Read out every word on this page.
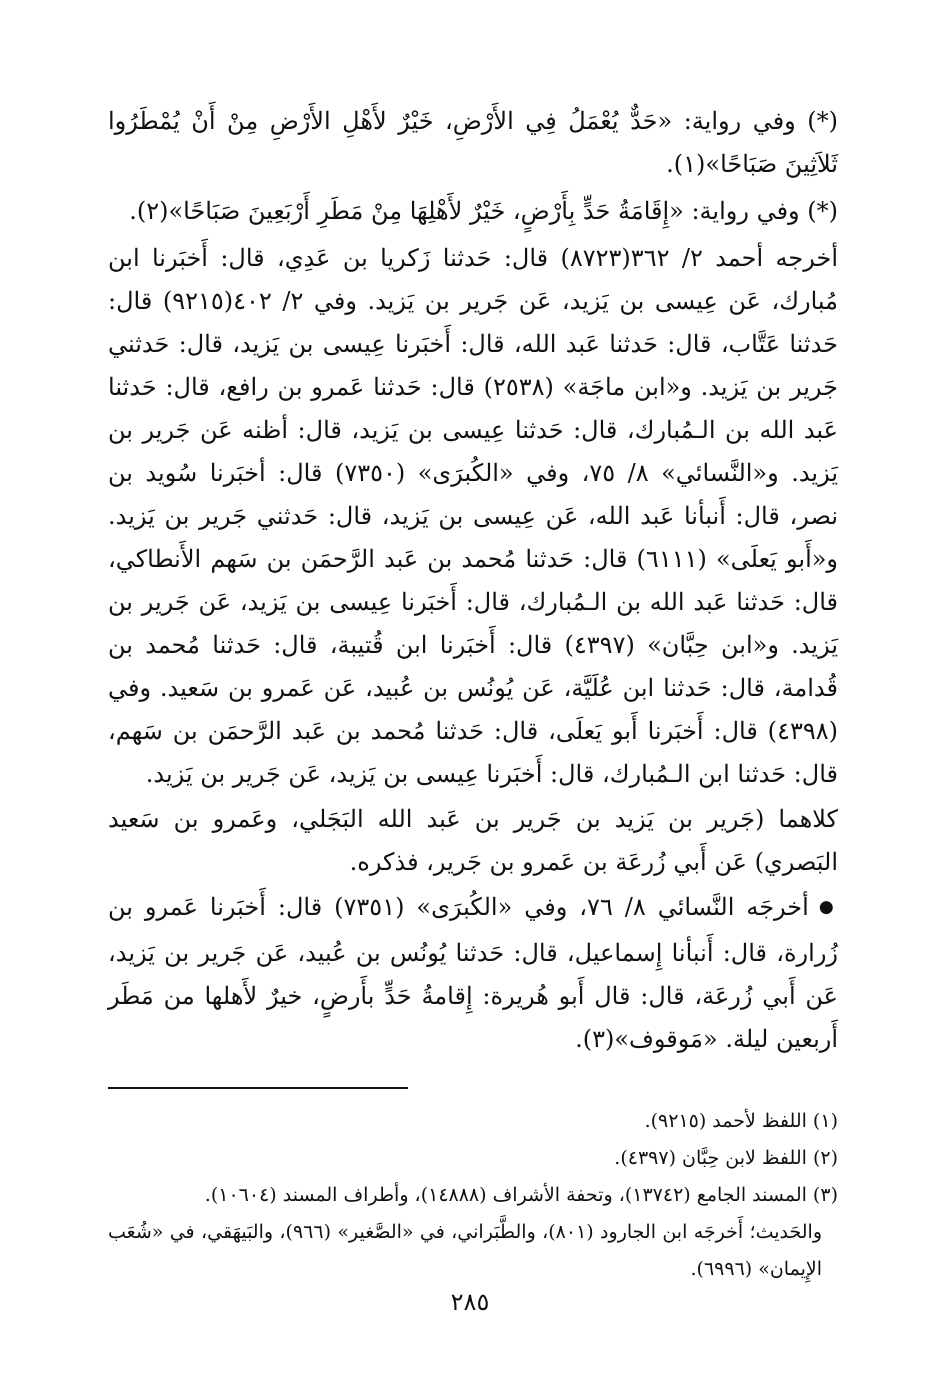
(*) وفي رواية: «حَدٌّ يُعْمَلُ فِي الأَرْضِ، خَيْرٌ لأَهْلِ الأَرْضِ مِنْ أَنْ يُمْطَرُوا ثَلاَثِينَ صَبَاحًا»(١).

(*) وفي رواية: «إِقَامَةُ حَدٍّ بِأَرْضٍ، خَيْرٌ لأَهْلِهَا مِنْ مَطَرِ أَرْبَعِينَ صَبَاحًا»(٢).

أخرجه أحمد ٢/ ٣٦٢(٨٧٢٣) قال: حَدثنا زَكريا بن عَدِي، قال: أَخبَرنا ابن مُبارك، عَن عِيسى بن يَزيد، عَن جَرير بن يَزيد. وفي ٢/ ٤٠٢(٩٢١٥) قال: حَدثنا عَتَّاب، قال: حَدثنا عَبد الله، قال: أَخبَرنا عِيسى بن يَزيد، قال: حَدثني جَرير بن يَزيد. و«ابن ماجَة» (٢٥٣٨) قال: حَدثنا عَمرو بن رافع، قال: حَدثنا عَبد الله بن الـمُبارك، قال: حَدثنا عِيسى بن يَزيد، قال: أظنه عَن جَرير بن يَزيد. و«النَّسائي» ٨/ ٧٥، وفي «الكُبرَى» (٧٣٥٠) قال: أخبَرنا سُويد بن نصر، قال: أَنبأنا عَبد الله، عَن عِيسى بن يَزيد، قال: حَدثني جَرير بن يَزيد. و«أَبو يَعلَى» (٦١١١) قال: حَدثنا مُحمد بن عَبد الرَّحمَن بن سَهم الأَنطاكي، قال: حَدثنا عَبد الله بن الـمُبارك، قال: أَخبَرنا عِيسى بن يَزيد، عَن جَرير بن يَزيد. و«ابن حِبَّان» (٤٣٩٧) قال: أَخبَرنا ابن قُتيبة، قال: حَدثنا مُحمد بن قُدامة، قال: حَدثنا ابن عُلَيَّة، عَن يُونُس بن عُبيد، عَن عَمرو بن سَعيد. وفي (٤٣٩٨) قال: أَخبَرنا أَبو يَعلَى، قال: حَدثنا مُحمد بن عَبد الرَّحمَن بن سَهم، قال: حَدثنا ابن الـمُبارك، قال: أَخبَرنا عِيسى بن يَزيد، عَن جَرير بن يَزيد.

كلاهما (جَرير بن يَزيد بن جَرير بن عَبد الله البَجَلي، وعَمرو بن سَعيد البَصري) عَن أَبي زُرعَة بن عَمرو بن جَرير، فذكره.

● أخرجَه النَّسائي ٨/ ٧٦، وفي «الكُبرَى» (٧٣٥١) قال: أَخبَرنا عَمرو بن زُرارة، قال: أَنبأنا إِسماعيل، قال: حَدثنا يُونُس بن عُبيد، عَن جَرير بن يَزيد، عَن أَبي زُرعَة، قال: قال أَبو هُريرة: إِقامةُ حَدٍّ بأَرضٍ، خيرٌ لأَهلها من مَطَر أَربعين ليلة. «مَوقوف»(٣).

(١) اللفظ لأحمد (٩٢١٥).

(٢) اللفظ لابن حِبَّان (٤٣٩٧).

(٣) المسند الجامع (١٣٧٤٢)، وتحفة الأشراف (١٤٨٨٨)، وأطراف المسند (١٠٦٠٤).

والحَديث؛ أَخرجَه ابن الجارود (٨٠١)، والطَّبَراني، في «الصَّغير» (٩٦٦)، والبَيهَقي، في «شُعَب الإِيمان» (٦٩٩٦).

٢٨٥
